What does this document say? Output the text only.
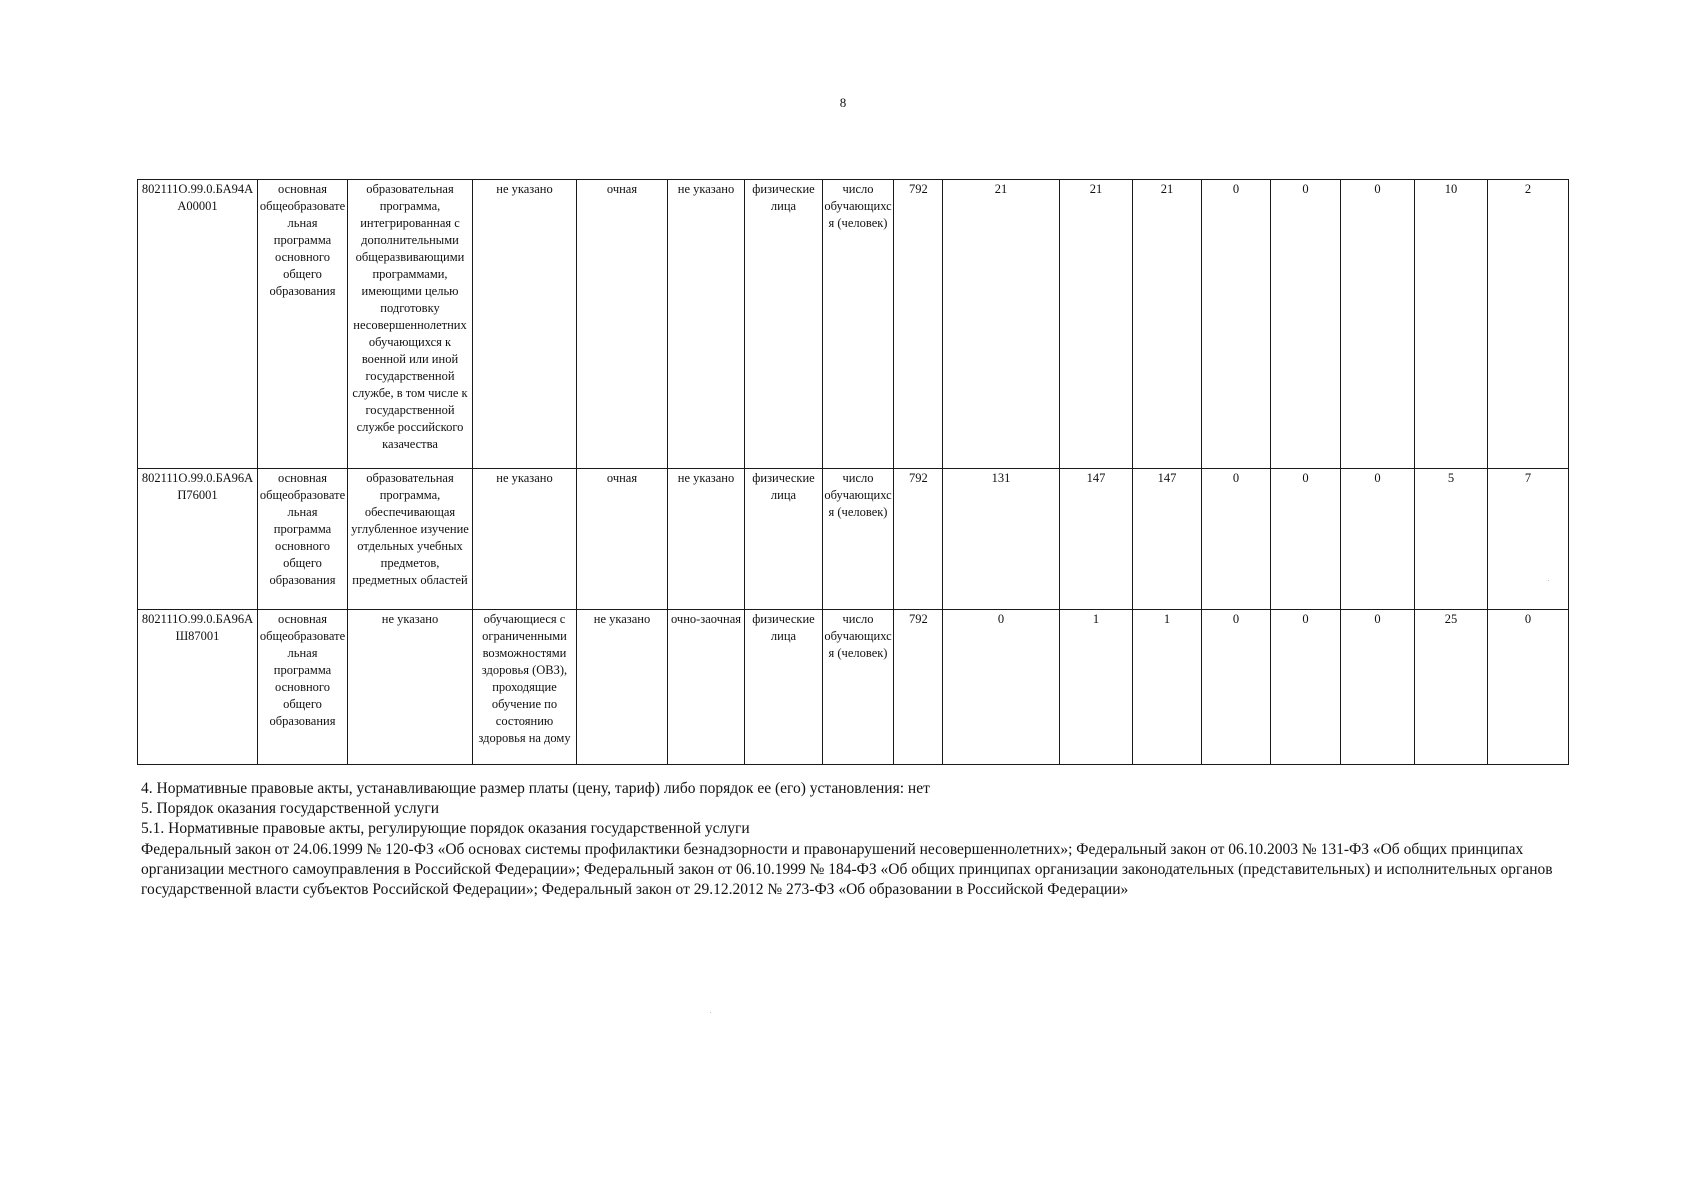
8
802111О.99.0.БА94АА00001	основная общеобразовательная программа основного общего образования	образовательная программа, интегрированная с дополнительными общеразвивающими программами, имеющими целью подготовку несовершеннолетних обучающихся к военной или иной государственной службе, в том числе к государственной службе российского казачества	не указано	очная	не указано	физические лица	число обучающихся (человек)	792	21	21	21	0	0	0	10	2
802111О.99.0.БА96АП76001	основная общеобразовательная программа основного общего образования	образовательная программа, обеспечивающая углубленное изучение отдельных учебных предметов, предметных областей	не указано	очная	не указано	физические лица	число обучающихся (человек)	792	131	147	147	0	0	0	5	7
802111О.99.0.БА96АШ87001	основная общеобразовательная программа основного общего образования	не указано	обучающиеся с ограниченными возможностями здоровья (ОВЗ), проходящие обучение по состоянию здоровья на дому	не указано	очно-заочная	физические лица	число обучающихся (человек)	792	0	1	1	0	0	0	25	0

4. Нормативные правовые акты, устанавливающие размер платы (цену, тариф) либо порядок ее (его) установления: нет

5. Порядок оказания государственной услуги

5.1. Нормативные правовые акты, регулирующие порядок оказания государственной услуги

Федеральный закон от 24.06.1999 № 120-ФЗ «Об основах системы профилактики безнадзорности и правонарушений несовершеннолетних»; Федеральный закон от 06.10.2003 № 131-ФЗ «Об общих принципах организации местного самоуправления в Российской Федерации»; Федеральный закон от 06.10.1999 № 184-ФЗ «Об общих принципах организации законодательных (представительных) и исполнительных органов государственной власти субъектов Российской Федерации»; Федеральный закон от 29.12.2012 № 273-ФЗ «Об образовании в Российской Федерации»
